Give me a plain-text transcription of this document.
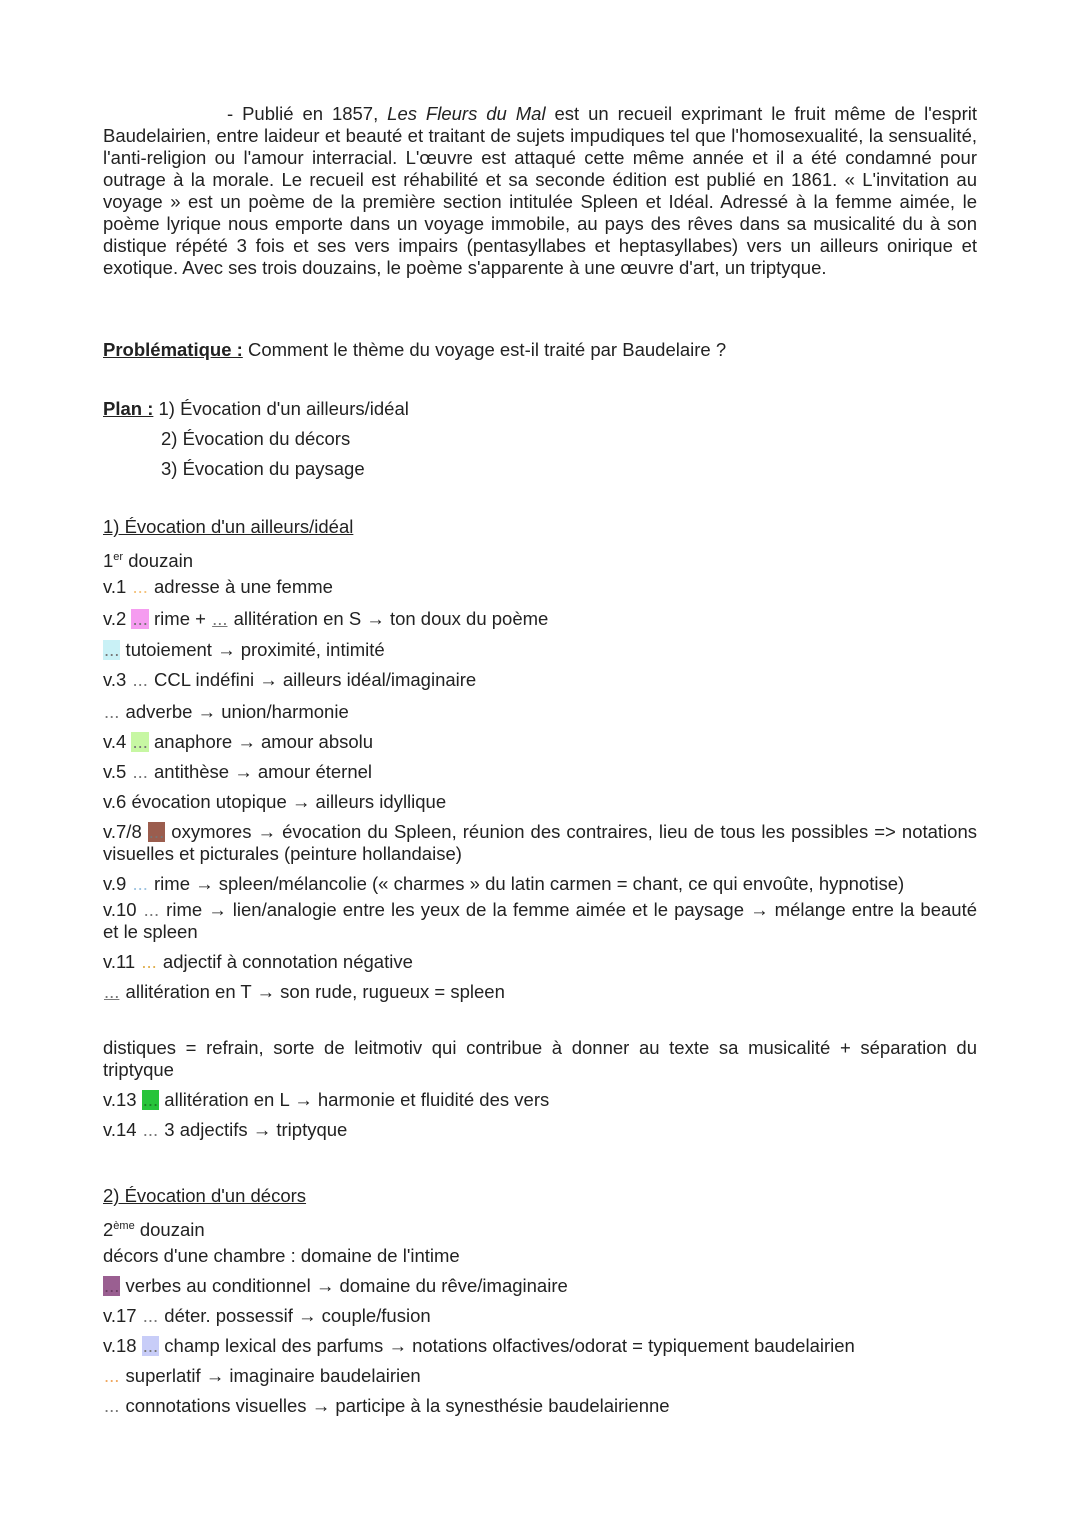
- Publié en 1857, Les Fleurs du Mal est un recueil exprimant le fruit même de l'esprit Baudelairien, entre laideur et beauté et traitant de sujets impudiques tel que l'homosexualité, la sensualité, l'anti-religion ou l'amour interracial. L'œuvre est attaqué cette même année et il a été condamné pour outrage à la morale. Le recueil est réhabilité et sa seconde édition est publié en 1861. « L'invitation au voyage » est un poème de la première section intitulée Spleen et Idéal. Adressé à la femme aimée, le poème lyrique nous emporte dans un voyage immobile, au pays des rêves dans sa musicalité du à son distique répété 3 fois et ses vers impairs (pentasyllabes et heptasyllabes) vers un ailleurs onirique et exotique. Avec ses trois douzains, le poème s'apparente à une œuvre d'art, un triptyque.

Problématique : Comment le thème du voyage est-il traité par Baudelaire ?
Plan : 1) Évocation d'un ailleurs/idéal
2) Évocation du décors
3) Évocation du paysage
1) Évocation d'un ailleurs/idéal
1er douzain
v.1 ... adresse à une femme
v.2 ... rime + ... allitération en S → ton doux du poème
... tutoiement → proximité, intimité
v.3 ... CCL indéfini → ailleurs idéal/imaginaire
... adverbe → union/harmonie
v.4 ... anaphore → amour absolu
v.5 ... antithèse → amour éternel
v.6 évocation utopique → ailleurs idyllique
v.7/8 ... oxymores → évocation du Spleen, réunion des contraires, lieu de tous les possibles => notations visuelles et picturales (peinture hollandaise)
v.9 ... rime → spleen/mélancolie (« charmes » du latin carmen = chant, ce qui envoûte, hypnotise)
v.10 ... rime → lien/analogie entre les yeux de la femme aimée et le paysage → mélange entre la beauté et le spleen
v.11 ... adjectif à connotation négative
... allitération en T → son rude, rugueux = spleen
distiques = refrain, sorte de leitmotiv qui contribue à donner au texte sa musicalité + séparation du triptyque
v.13 ... allitération en L → harmonie et fluidité des vers
v.14 ... 3 adjectifs → triptyque
2) Évocation d'un décors
2ème douzain
décors d'une chambre : domaine de l'intime
... verbes au conditionnel → domaine du rêve/imaginaire
v.17 ... déter. possessif → couple/fusion
v.18 ... champ lexical des parfums → notations olfactives/odorat = typiquement baudelairien
... superlatif → imaginaire baudelairien
... connotations visuelles → participe à la synesthésie baudelairienne
